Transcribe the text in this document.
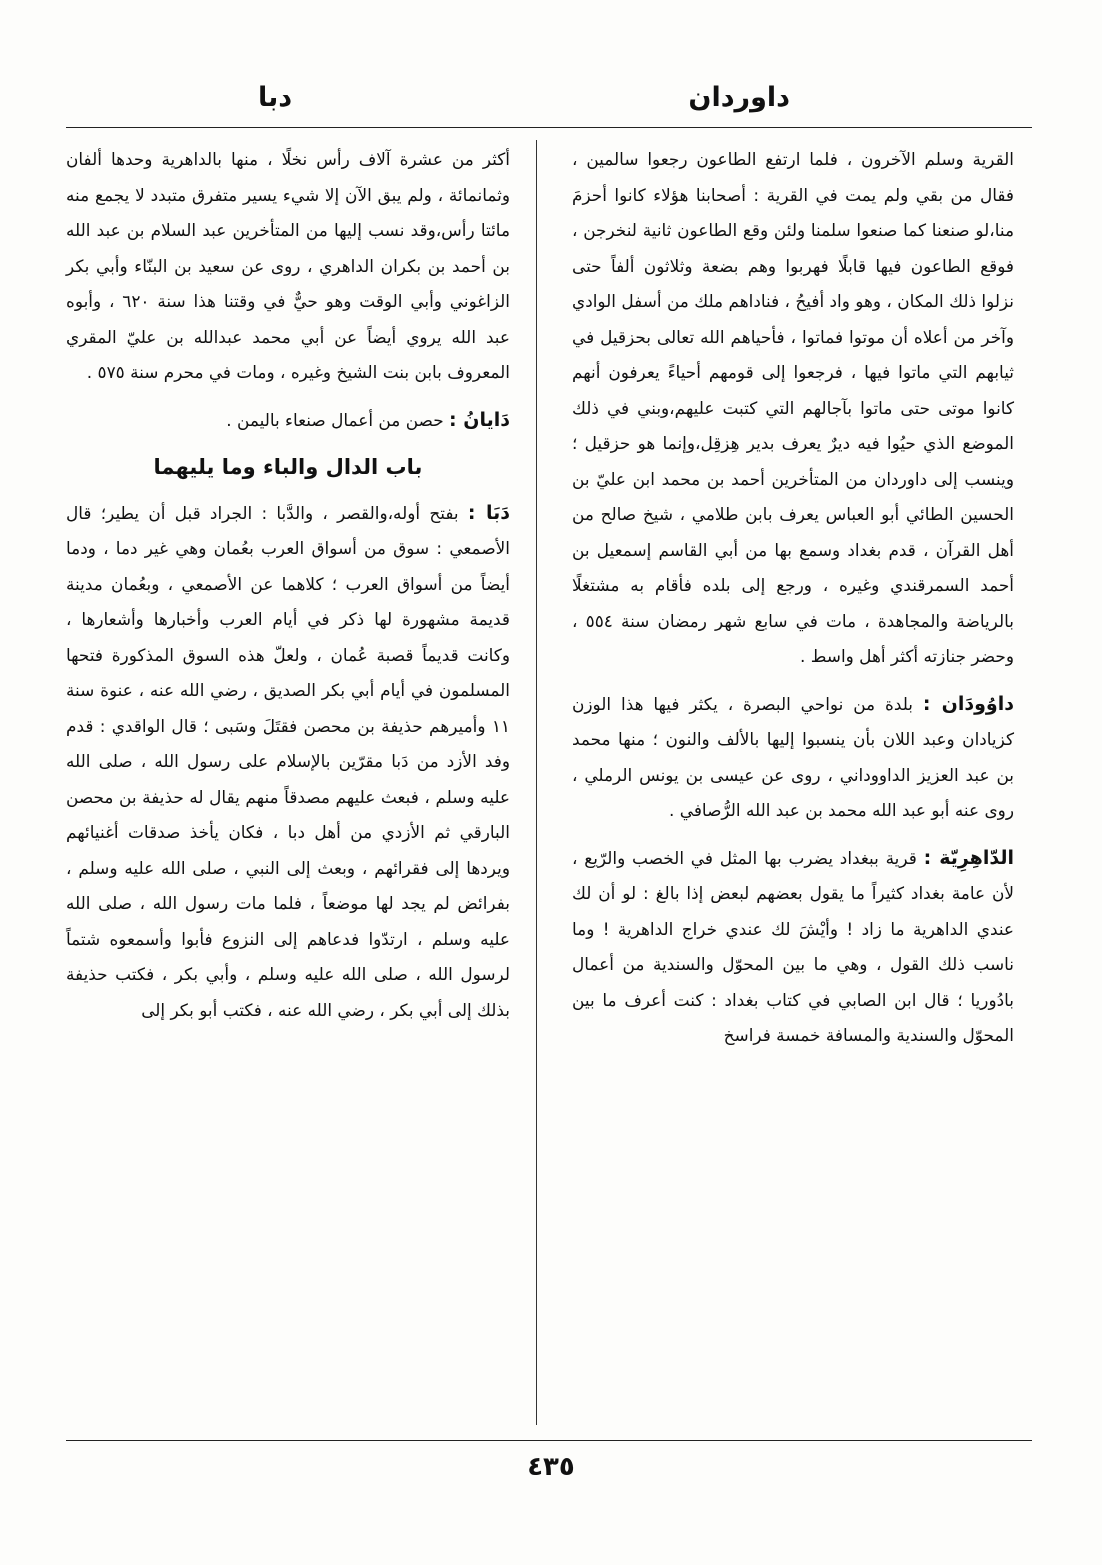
داوردان
دبا

القرية وسلم الآخرون ، فلما ارتفع الطاعون رجعوا سالمين ، فقال من بقي ولم يمت في القرية : أصحابنا هؤلاء كانوا أحزمَ منا،لو صنعنا كما صنعوا سلمنا ولئن وقع الطاعون ثانية لنخرجن ، فوقع الطاعون فيها قابلًا فهربوا وهم بضعة وثلاثون ألفاً حتى نزلوا ذلك المكان ، وهو واد أفيحُ ، فناداهم ملك من أسفل الوادي وآخر من أعلاه أن موتوا فماتوا ، فأحياهم الله تعالى بحزقيل في ثيابهم التي ماتوا فيها ، فرجعوا إلى قومهم أحياءً يعرفون أنهم كانوا موتى حتى ماتوا بآجالهم التي كتبت عليهم،وبني في ذلك الموضع الذي حيُوا فيه ديرٌ يعرف بدير هِزقِل،وإنما هو حزقيل ؛ وينسب إلى داوردان من المتأخرين أحمد بن محمد ابن عليّ بن الحسين الطائي أبو العباس يعرف بابن طلامي ، شيخ صالح من أهل القرآن ، قدم بغداد وسمع بها من أبي القاسم إسمعيل بن أحمد السمرقندي وغيره ، ورجع إلى بلده فأقام به مشتغلًا بالرياضة والمجاهدة ، مات في سابع شهر رمضان سنة ٥٥٤ ، وحضر جنازته أكثر أهل واسط .

داوُودَان : بلدة من نواحي البصرة ، يكثر فيها هذا الوزن كزيادان وعبد اللان بأن ينسبوا إليها بالألف والنون ؛ منها محمد بن عبد العزيز الداووداني ، روى عن عيسى بن يونس الرملي ، روى عنه أبو عبد الله محمد بن عبد الله الرُّصافي .

الدّاهِرِيّة : قرية ببغداد يضرب بها المثل في الخصب والرّيع ، لأن عامة بغداد كثيراً ما يقول بعضهم لبعض إذا بالغ : لو أن لك عندي الداهرية ما زاد ! وأيْشَ لك عندي خراج الداهرية ! وما ناسب ذلك القول ، وهي ما بين المحوّل والسندية من أعمال بادُوريا ؛ قال ابن الصابي في كتاب بغداد : كنت أعرف ما بين المحوّل والسندية والمسافة خمسة فراسخ

أكثر من عشرة آلاف رأس نخلًا ، منها بالداهرية وحدها ألفان وثمانمائة ، ولم يبق الآن إلا شيء يسير متفرق متبدد لا يجمع منه مائتا رأس،وقد نسب إليها من المتأخرين عبد السلام بن عبد الله بن أحمد بن بكران الداهري ، روى عن سعيد بن البنّاء وأبي بكر الزاغوني وأبي الوقت وهو حيٌّ في وقتنا هذا سنة ٦٢٠ ، وأبوه عبد الله يروي أيضاً عن أبي محمد عبدالله بن عليّ المقري المعروف بابن بنت الشيخ وغيره ، ومات في محرم سنة ٥٧٥ .

دَايانُ : حصن من أعمال صنعاء باليمن .

باب الدال والباء وما يليهما

دَبَا : بفتح أوله،والقصر ، والدَّبا : الجراد قبل أن يطير؛ قال الأصمعي : سوق من أسواق العرب بعُمان وهي غير دما ، ودما أيضاً من أسواق العرب ؛ كلاهما عن الأصمعي ، وبعُمان مدينة قديمة مشهورة لها ذكر في أيام العرب وأخبارها وأشعارها ، وكانت قديماً قصبة عُمان ، ولعلّ هذه السوق المذكورة فتحها المسلمون في أيام أبي بكر الصديق ، رضي الله عنه ، عنوة سنة ١١ وأميرهم حذيفة بن محصن فقتَلَ وسَبى ؛ قال الواقدي : قدم وفد الأزد من دَبا مقرّين بالإسلام على رسول الله ، صلى الله عليه وسلم ، فبعث عليهم مصدقاً منهم يقال له حذيفة بن محصن البارقي ثم الأزدي من أهل دبا ، فكان يأخذ صدقات أغنيائهم ويردها إلى فقرائهم ، وبعث إلى النبي ، صلى الله عليه وسلم ، بفرائض لم يجد لها موضعاً ، فلما مات رسول الله ، صلى الله عليه وسلم ، ارتدّوا فدعاهم إلى النزوع فأبوا وأسمعوه شتماً لرسول الله ، صلى الله عليه وسلم ، وأبي بكر ، فكتب حذيفة بذلك إلى أبي بكر ، رضي الله عنه ، فكتب أبو بكر إلى

٤٣٥
